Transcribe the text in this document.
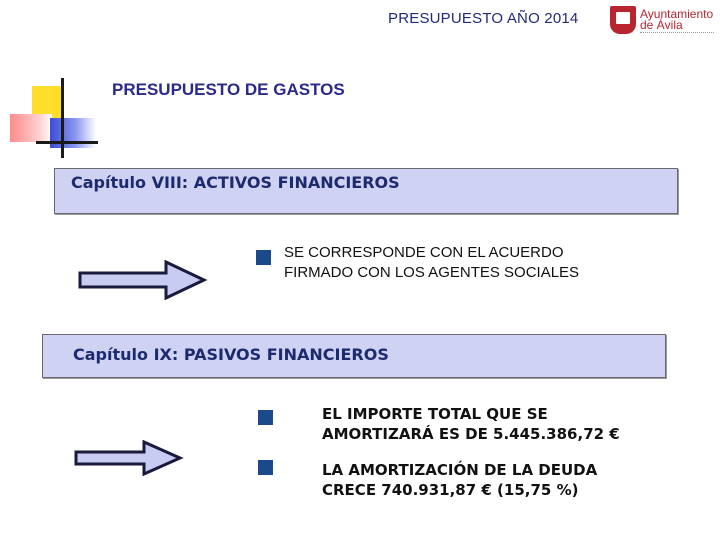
PRESUPUESTO AÑO 2014	Ayuntamiento
de Ávila
PRESUPUESTO DE GASTOS
Capítulo VIII: ACTIVOS FINANCIEROS
SE CORRESPONDE CON EL ACUERDO
FIRMADO CON LOS AGENTES SOCIALES
Capítulo IX: PASIVOS FINANCIEROS
EL IMPORTE TOTAL QUE SE
AMORTIZARÁ ES DE 5.445.386,72 €
LA AMORTIZACIÓN DE LA DEUDA
CRECE 740.931,87 € (15,75 %)
